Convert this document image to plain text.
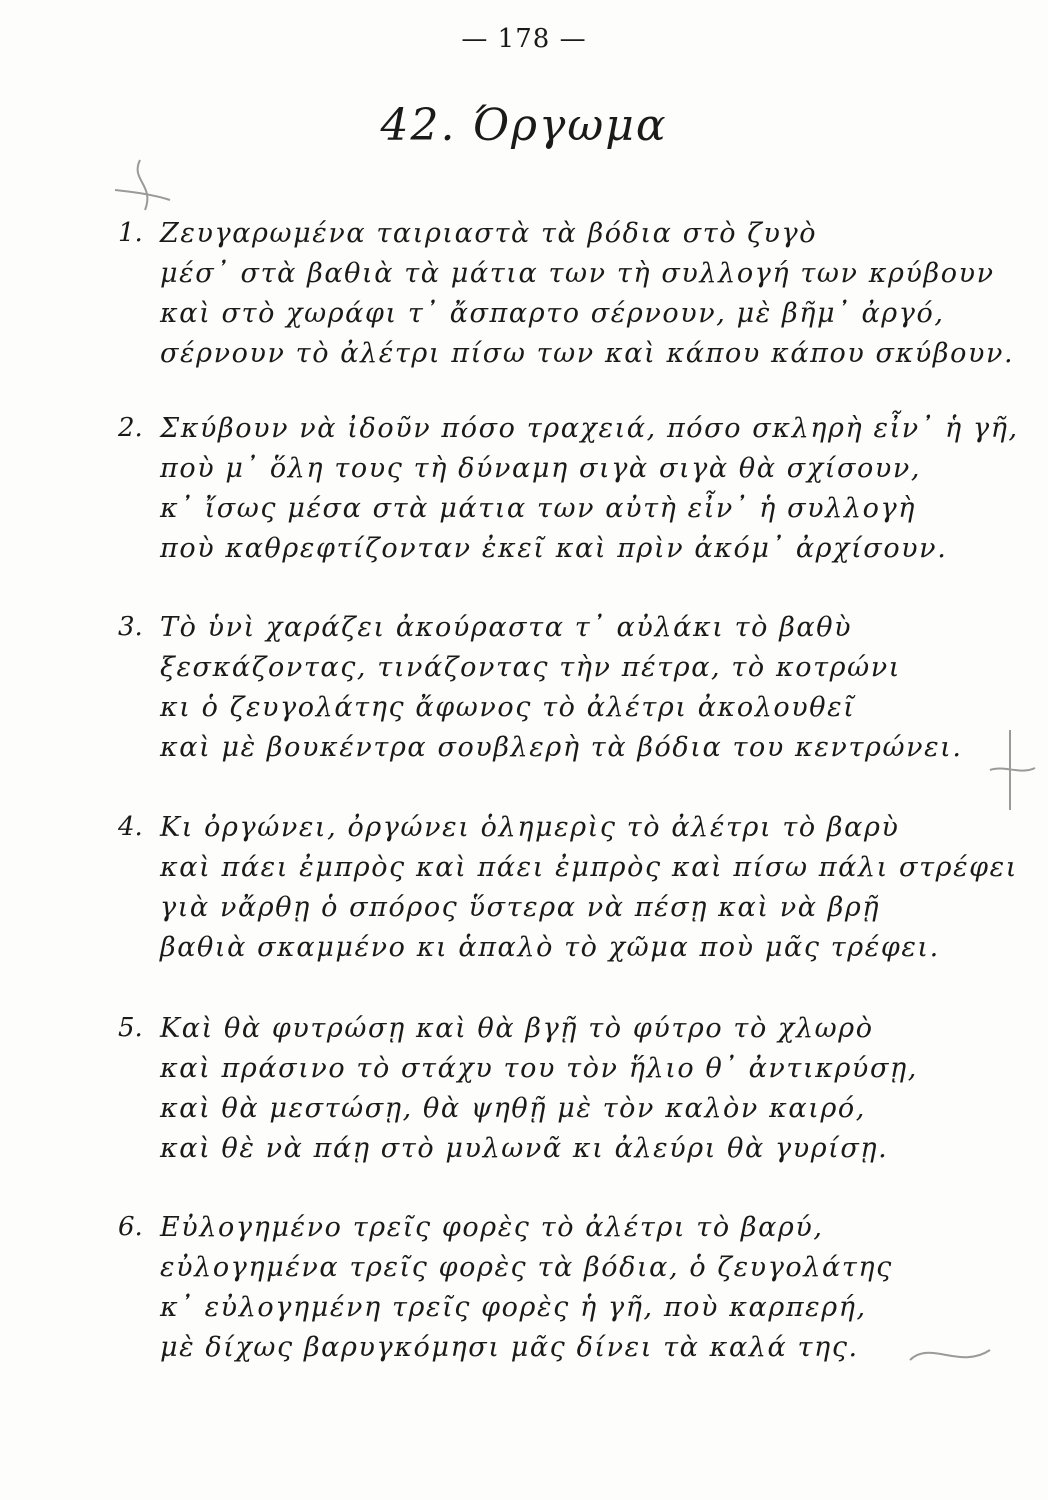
— 178 —
42. Όργωμα
1. Ζευγαρωμένα ταιριαστὰ τὰ βόδια στὸ ζυγὸ
μέσ᾿ στὰ βαθιὰ τὰ μάτια των τὴ συλλογή των κρύβουν
καὶ στὸ χωράφι τ᾿ ἄσπαρτο σέρνουν, μὲ βῆμ᾿ ἀργό,
σέρνουν τὸ ἀλέτρι πίσω των καὶ κάπου κάπου σκύβουν.
2. Σκύβουν νὰ ἰδοῦν πόσο τραχειά, πόσο σκληρὴ εἶν᾿ ἡ γῆ,
ποὺ μ᾿ ὅλη τους τὴ δύναμη σιγὰ σιγὰ θὰ σχίσουν,
κ᾿ ἴσως μέσα στὰ μάτια των αὐτὴ εἶν᾿ ἡ συλλογὴ
ποὺ καθρεφτίζονταν ἐκεῖ καὶ πρὶν ἀκόμ᾿ ἀρχίσουν.
3. Τὸ ὑνὶ χαράζει ἀκούραστα τ᾿ αὐλάκι τὸ βαθὺ
ξεσκάζοντας, τινάζοντας τὴν πέτρα, τὸ κοτρώνι
κι ὁ ζευγολάτης ἄφωνος τὸ ἀλέτρι ἀκολουθεῖ
καὶ μὲ βουκέντρα σουβλερὴ τὰ βόδια του κεντρώνει.
4. Κι ὀργώνει, ὀργώνει ὁλημερὶς τὸ ἀλέτρι τὸ βαρὺ
καὶ πάει ἐμπρὸς καὶ πάει ἐμπρὸς καὶ πίσω πάλι στρέφει
γιὰ νἄρθῃ ὁ σπόρος ὕστερα νὰ πέσῃ καὶ νὰ βρῇ
βαθιὰ σκαμμένο κι ἁπαλὸ τὸ χῶμα ποὺ μᾶς τρέφει.
5. Καὶ θὰ φυτρώσῃ καὶ θὰ βγῇ τὸ φύτρο τὸ χλωρὸ
καὶ πράσινο τὸ στάχυ του τὸν ἥλιο θ᾿ ἀντικρύσῃ,
καὶ θὰ μεστώσῃ, θὰ ψηθῇ μὲ τὸν καλὸν καιρό,
καὶ θὲ νὰ πάῃ στὸ μυλωνᾶ κι ἀλεύρι θὰ γυρίσῃ.
6. Εὐλογημένο τρεῖς φορὲς τὸ ἀλέτρι τὸ βαρύ,
εὐλογημένα τρεῖς φορὲς τὰ βόδια, ὁ ζευγολάτης
κ᾿ εὐλογημένη τρεῖς φορὲς ἡ γῆ, ποὺ καρπερή,
μὲ δίχως βαρυγκόμησι μᾶς δίνει τὰ καλά της.
